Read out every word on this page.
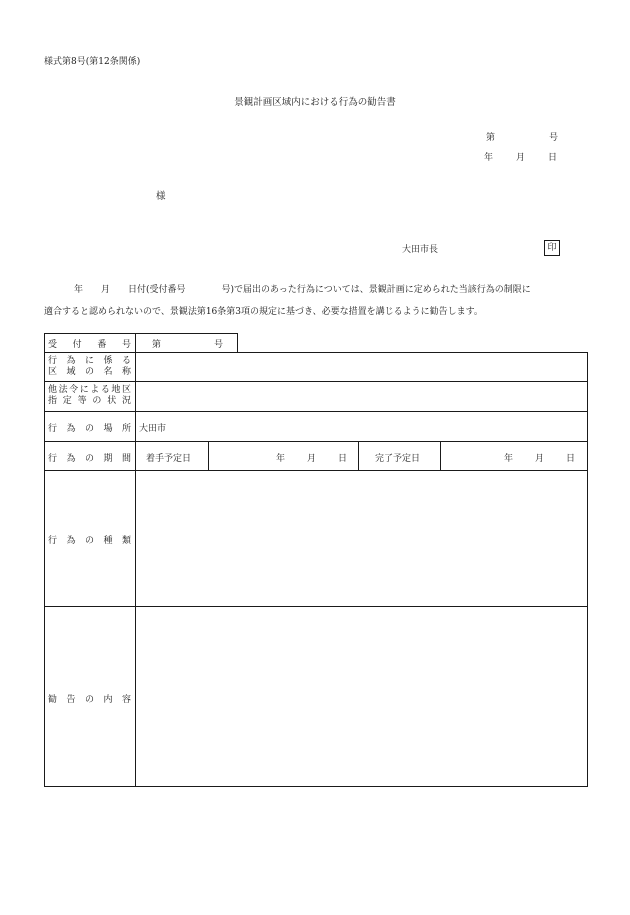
様式第8号(第12条関係)
景観計画区域内における行為の勧告書
第	号
年	月	日
様
大田市長	印
年　　月　　日付(受付番号　　　　号)で届出のあった行為については、景観計画に定められた当該行為の制限に
適合すると認められないので、景観法第16条第3項の規定に基づき、必要な措置を講じるように勧告します。
受付番号 第	号
行為に係る
区域の名称
他法令による地区
指定等の状況
行為の場所 大田市
行為の期間 着手予定日	年 月 日	完了予定日	年 月 日
行為の種類
勧告の内容
